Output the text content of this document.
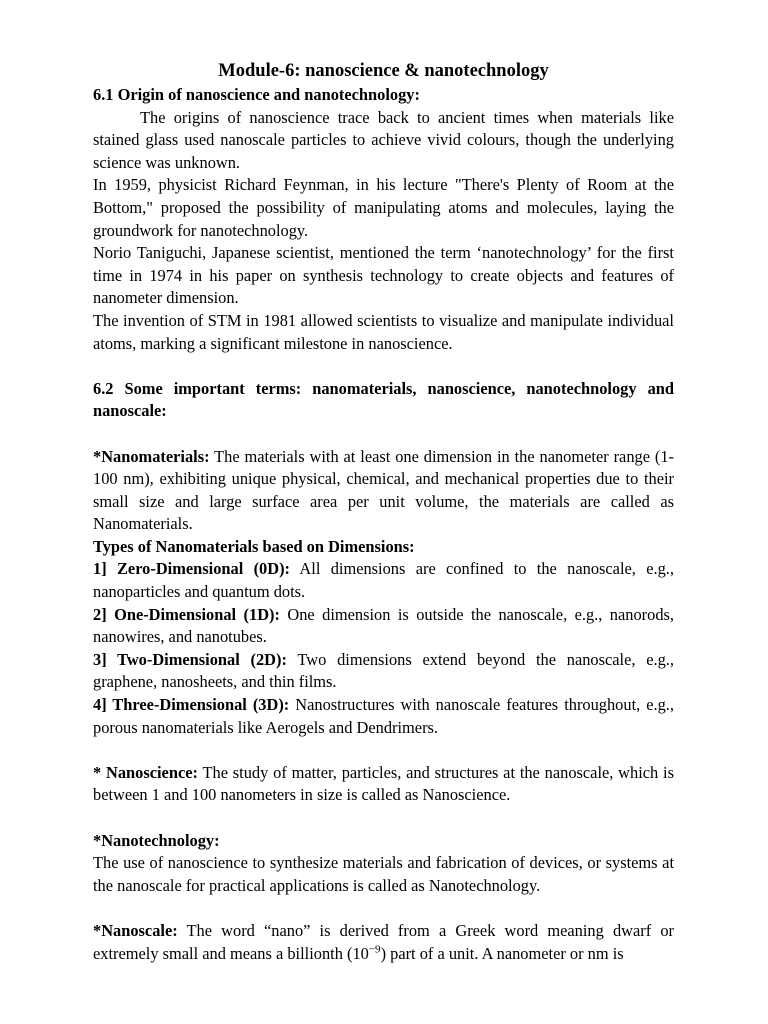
Module-6: nanoscience & nanotechnology

6.1 Origin of nanoscience and nanotechnology:

The origins of nanoscience trace back to ancient times when materials like stained glass used nanoscale particles to achieve vivid colours, though the underlying science was unknown.

In 1959, physicist Richard Feynman, in his lecture "There's Plenty of Room at the Bottom," proposed the possibility of manipulating atoms and molecules, laying the groundwork for nanotechnology.

Norio Taniguchi, Japanese scientist, mentioned the term ‘nanotechnology’ for the first time in 1974 in his paper on synthesis technology to create objects and features of nanometer dimension.

The invention of STM in 1981 allowed scientists to visualize and manipulate individual atoms, marking a significant milestone in nanoscience.

6.2 Some important terms: nanomaterials, nanoscience, nanotechnology and nanoscale:

*Nanomaterials: The materials with at least one dimension in the nanometer range (1-100 nm), exhibiting unique physical, chemical, and mechanical properties due to their small size and large surface area per unit volume, the materials are called as Nanomaterials.

Types of Nanomaterials based on Dimensions:

1] Zero-Dimensional (0D): All dimensions are confined to the nanoscale, e.g., nanoparticles and quantum dots.

2] One-Dimensional (1D): One dimension is outside the nanoscale, e.g., nanorods, nanowires, and nanotubes.

3] Two-Dimensional (2D): Two dimensions extend beyond the nanoscale, e.g., graphene, nanosheets, and thin films.

4] Three-Dimensional (3D): Nanostructures with nanoscale features throughout, e.g., porous nanomaterials like Aerogels and Dendrimers.

* Nanoscience: The study of matter, particles, and structures at the nanoscale, which is between 1 and 100 nanometers in size is called as Nanoscience.

*Nanotechnology:

The use of nanoscience to synthesize materials and fabrication of devices, or systems at the nanoscale for practical applications is called as Nanotechnology.

*Nanoscale: The word “nano” is derived from a Greek word meaning dwarf or extremely small and means a billionth $(10^{-9})$ part of a unit. A nanometer or nm is
